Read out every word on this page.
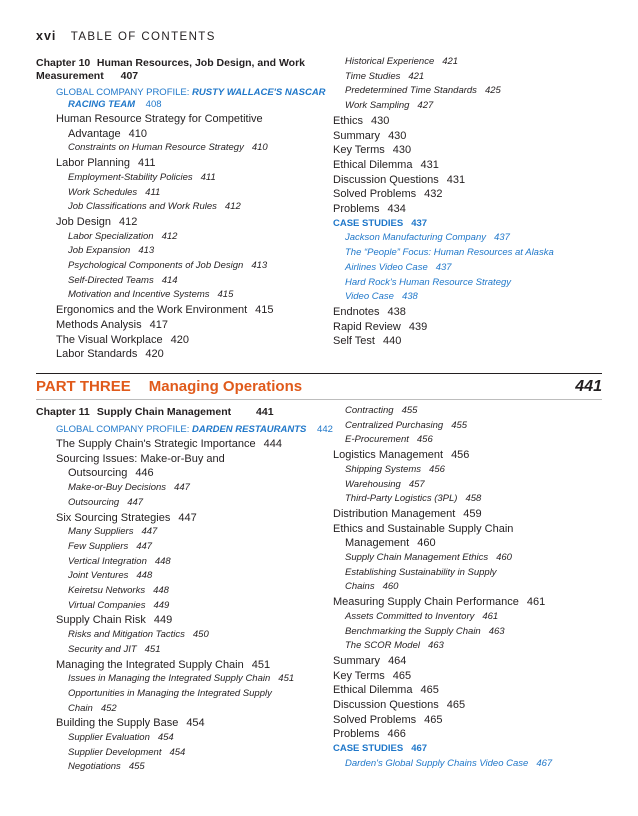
xvi TABLE OF CONTENTS
Chapter 10 Human Resources, Job Design, and Work
Measurement 407
GLOBAL COMPANY PROFILE: RUSTY WALLACE'S NASCAR
RACING TEAM 408
Human Resource Strategy for Competitive
Advantage 410
Constraints on Human Resource Strategy 410
Labor Planning 411
Employment-Stability Policies 411
Work Schedules 411
Job Classifications and Work Rules 412
Job Design 412
Labor Specialization 412
Job Expansion 413
Psychological Components of Job Design 413
Self-Directed Teams 414
Motivation and Incentive Systems 415
Ergonomics and the Work Environment 415
Methods Analysis 417
The Visual Workplace 420
Labor Standards 420
Historical Experience 421
Time Studies 421
Predetermined Time Standards 425
Work Sampling 427
Ethics 430
Summary 430
Key Terms 430
Ethical Dilemma 431
Discussion Questions 431
Solved Problems 432
Problems 434
CASE STUDIES 437
Jackson Manufacturing Company 437
The “People” Focus: Human Resources at Alaska
Airlines Video Case 437
Hard Rock's Human Resource Strategy
Video Case 438
Endnotes 438
Rapid Review 439
Self Test 440
PART THREE Managing Operations	441
Chapter 11 Supply Chain Management 441
GLOBAL COMPANY PROFILE: DARDEN RESTAURANTS 442
The Supply Chain's Strategic Importance 444
Sourcing Issues: Make-or-Buy and
Outsourcing 446
Make-or-Buy Decisions 447
Outsourcing 447
Six Sourcing Strategies 447
Many Suppliers 447
Few Suppliers 447
Vertical Integration 448
Joint Ventures 448
Keiretsu Networks 448
Virtual Companies 449
Supply Chain Risk 449
Risks and Mitigation Tactics 450
Security and JIT 451
Managing the Integrated Supply Chain 451
Issues in Managing the Integrated Supply Chain 451
Opportunities in Managing the Integrated Supply
Chain 452
Building the Supply Base 454
Supplier Evaluation 454
Supplier Development 454
Negotiations 455
Contracting 455
Centralized Purchasing 455
E-Procurement 456
Logistics Management 456
Shipping Systems 456
Warehousing 457
Third-Party Logistics (3PL) 458
Distribution Management 459
Ethics and Sustainable Supply Chain
Management 460
Supply Chain Management Ethics 460
Establishing Sustainability in Supply
Chains 460
Measuring Supply Chain Performance 461
Assets Committed to Inventory 461
Benchmarking the Supply Chain 463
The SCOR Model 463
Summary 464
Key Terms 465
Ethical Dilemma 465
Discussion Questions 465
Solved Problems 465
Problems 466
CASE STUDIES 467
Darden's Global Supply Chains Video Case 467
